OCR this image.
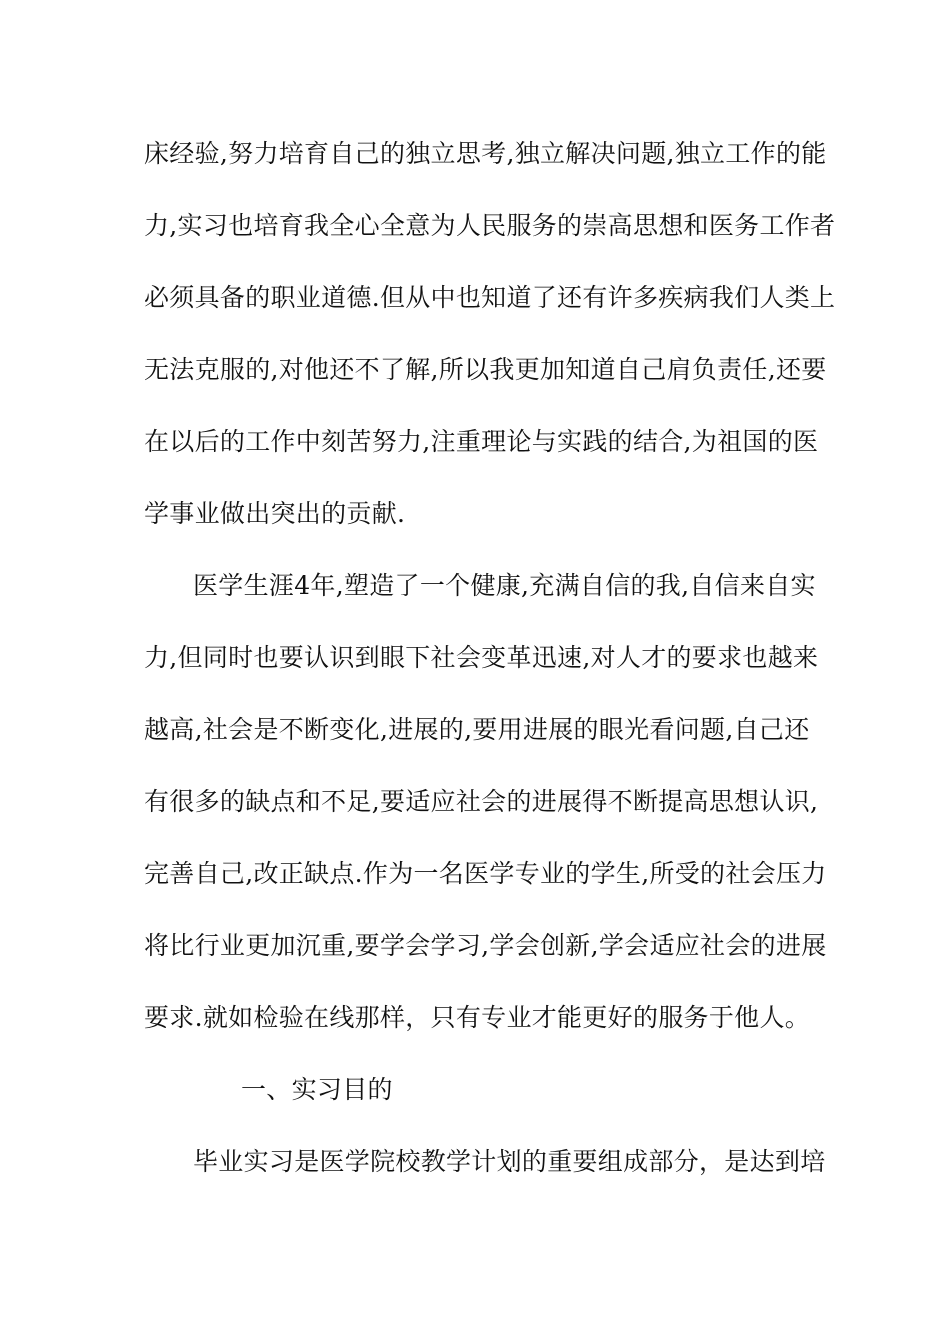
床经验,努力培育自己的独立思考,独立解决问题,独立工作的能
力,实习也培育我全心全意为人民服务的崇高思想和医务工作者
必须具备的职业道德.但从中也知道了还有许多疾病我们人类上
无法克服的,对他还不了解,所以我更加知道自己肩负责任,还要
在以后的工作中刻苦努力,注重理论与实践的结合,为祖国的医
学事业做出突出的贡献.
医学生涯4年,塑造了一个健康,充满自信的我,自信来自实
力,但同时也要认识到眼下社会变革迅速,对人才的要求也越来
越高,社会是不断变化,进展的,要用进展的眼光看问题,自己还
有很多的缺点和不足,要适应社会的进展得不断提高思想认识,
完善自己,改正缺点.作为一名医学专业的学生,所受的社会压力
将比行业更加沉重,要学会学习,学会创新,学会适应社会的进展
要求.就如检验在线那样，只有专业才能更好的服务于他人。
一、实习目的
毕业实习是医学院校教学计划的重要组成部分，是达到培
